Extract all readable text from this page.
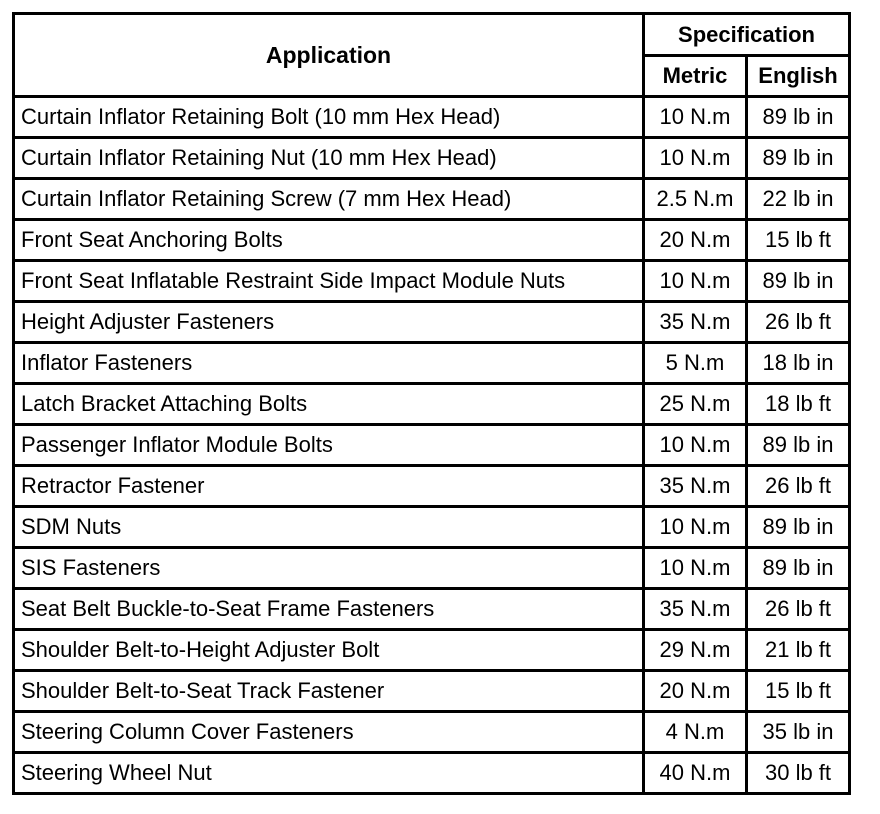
Application	Specification	
	Metric	English
Curtain Inflator Retaining Bolt (10 mm Hex Head)	10 N.m	89 lb in
Curtain Inflator Retaining Nut (10 mm Hex Head)	10 N.m	89 lb in
Curtain Inflator Retaining Screw (7 mm Hex Head)	2.5 N.m	22 lb in
Front Seat Anchoring Bolts	20 N.m	15 lb ft
Front Seat Inflatable Restraint Side Impact Module Nuts	10 N.m	89 lb in
Height Adjuster Fasteners	35 N.m	26 lb ft
Inflator Fasteners	5 N.m	18 lb in
Latch Bracket Attaching Bolts	25 N.m	18 lb ft
Passenger Inflator Module Bolts	10 N.m	89 lb in
Retractor Fastener	35 N.m	26 lb ft
SDM Nuts	10 N.m	89 lb in
SIS Fasteners	10 N.m	89 lb in
Seat Belt Buckle-to-Seat Frame Fasteners	35 N.m	26 lb ft
Shoulder Belt-to-Height Adjuster Bolt	29 N.m	21 lb ft
Shoulder Belt-to-Seat Track Fastener	20 N.m	15 lb ft
Steering Column Cover Fasteners	4 N.m	35 lb in
Steering Wheel Nut	40 N.m	30 lb ft
